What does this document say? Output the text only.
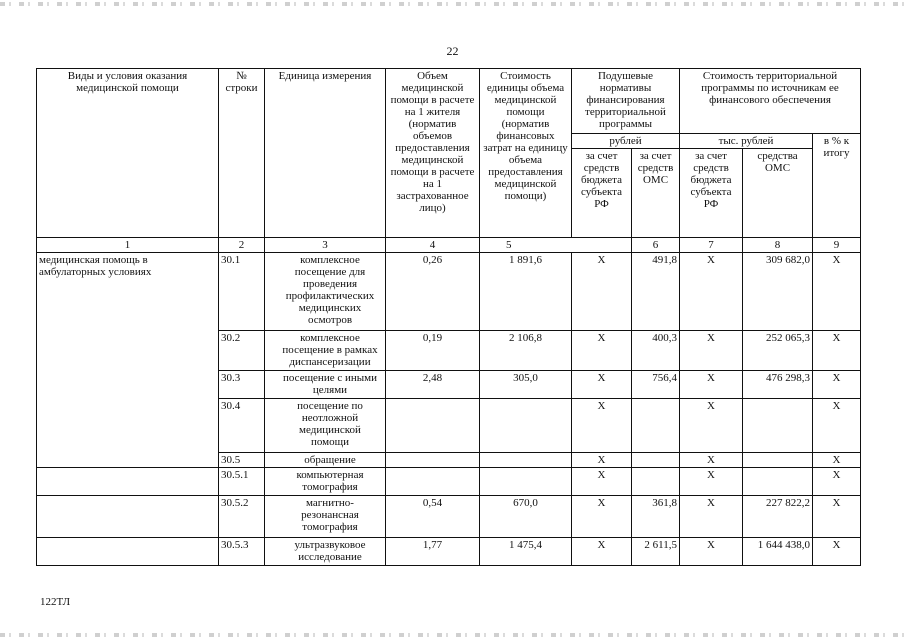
22
Виды и условия оказания медицинской помощи	№ строки	Единица измерения	Объем медицинской помощи в расчете на 1 жителя (норматив объемов предоставления медицинской помощи в расчете на 1 застрахованное лицо)	Стоимость единицы объема медицинской помощи (норматив финансовых затрат на единицу объема предоставления медицинской помощи)	Подушевые нормативы финансирования территориальной программы		Стоимость территориальной программы по источникам ее финансового обеспечения		
					рублей		тыс. рублей		в % к итогу
					за счет средств бюджета субъекта РФ	за счет средств ОМС	за счет средств бюджета субъекта РФ	средства ОМС	
1	2	3	4	5		6	7	8	9
медицинская помощь в амбулаторных условиях	30.1	комплексное посещение для проведения профилактических медицинских осмотров	0,26	1 891,6	Х	491,8	Х	309 682,0	Х
	30.2	комплексное посещение в рамках диспансеризации	0,19	2 106,8	Х	400,3	Х	252 065,3	Х
	30.3	посещение с иными целями	2,48	305,0	Х	756,4	Х	476 298,3	Х
	30.4	посещение по неотложной медицинской помощи			Х		Х		Х
	30.5	обращение			Х		Х		Х
	30.5.1	компьютерная томография			Х		Х		Х
	30.5.2	магнитно-резонансная томография	0,54	670,0	Х	361,8	Х	227 822,2	Х
	30.5.3	ультразвуковое исследование	1,77	1 475,4	Х	2 611,5	Х	1 644 438,0	Х
122ТЛ
